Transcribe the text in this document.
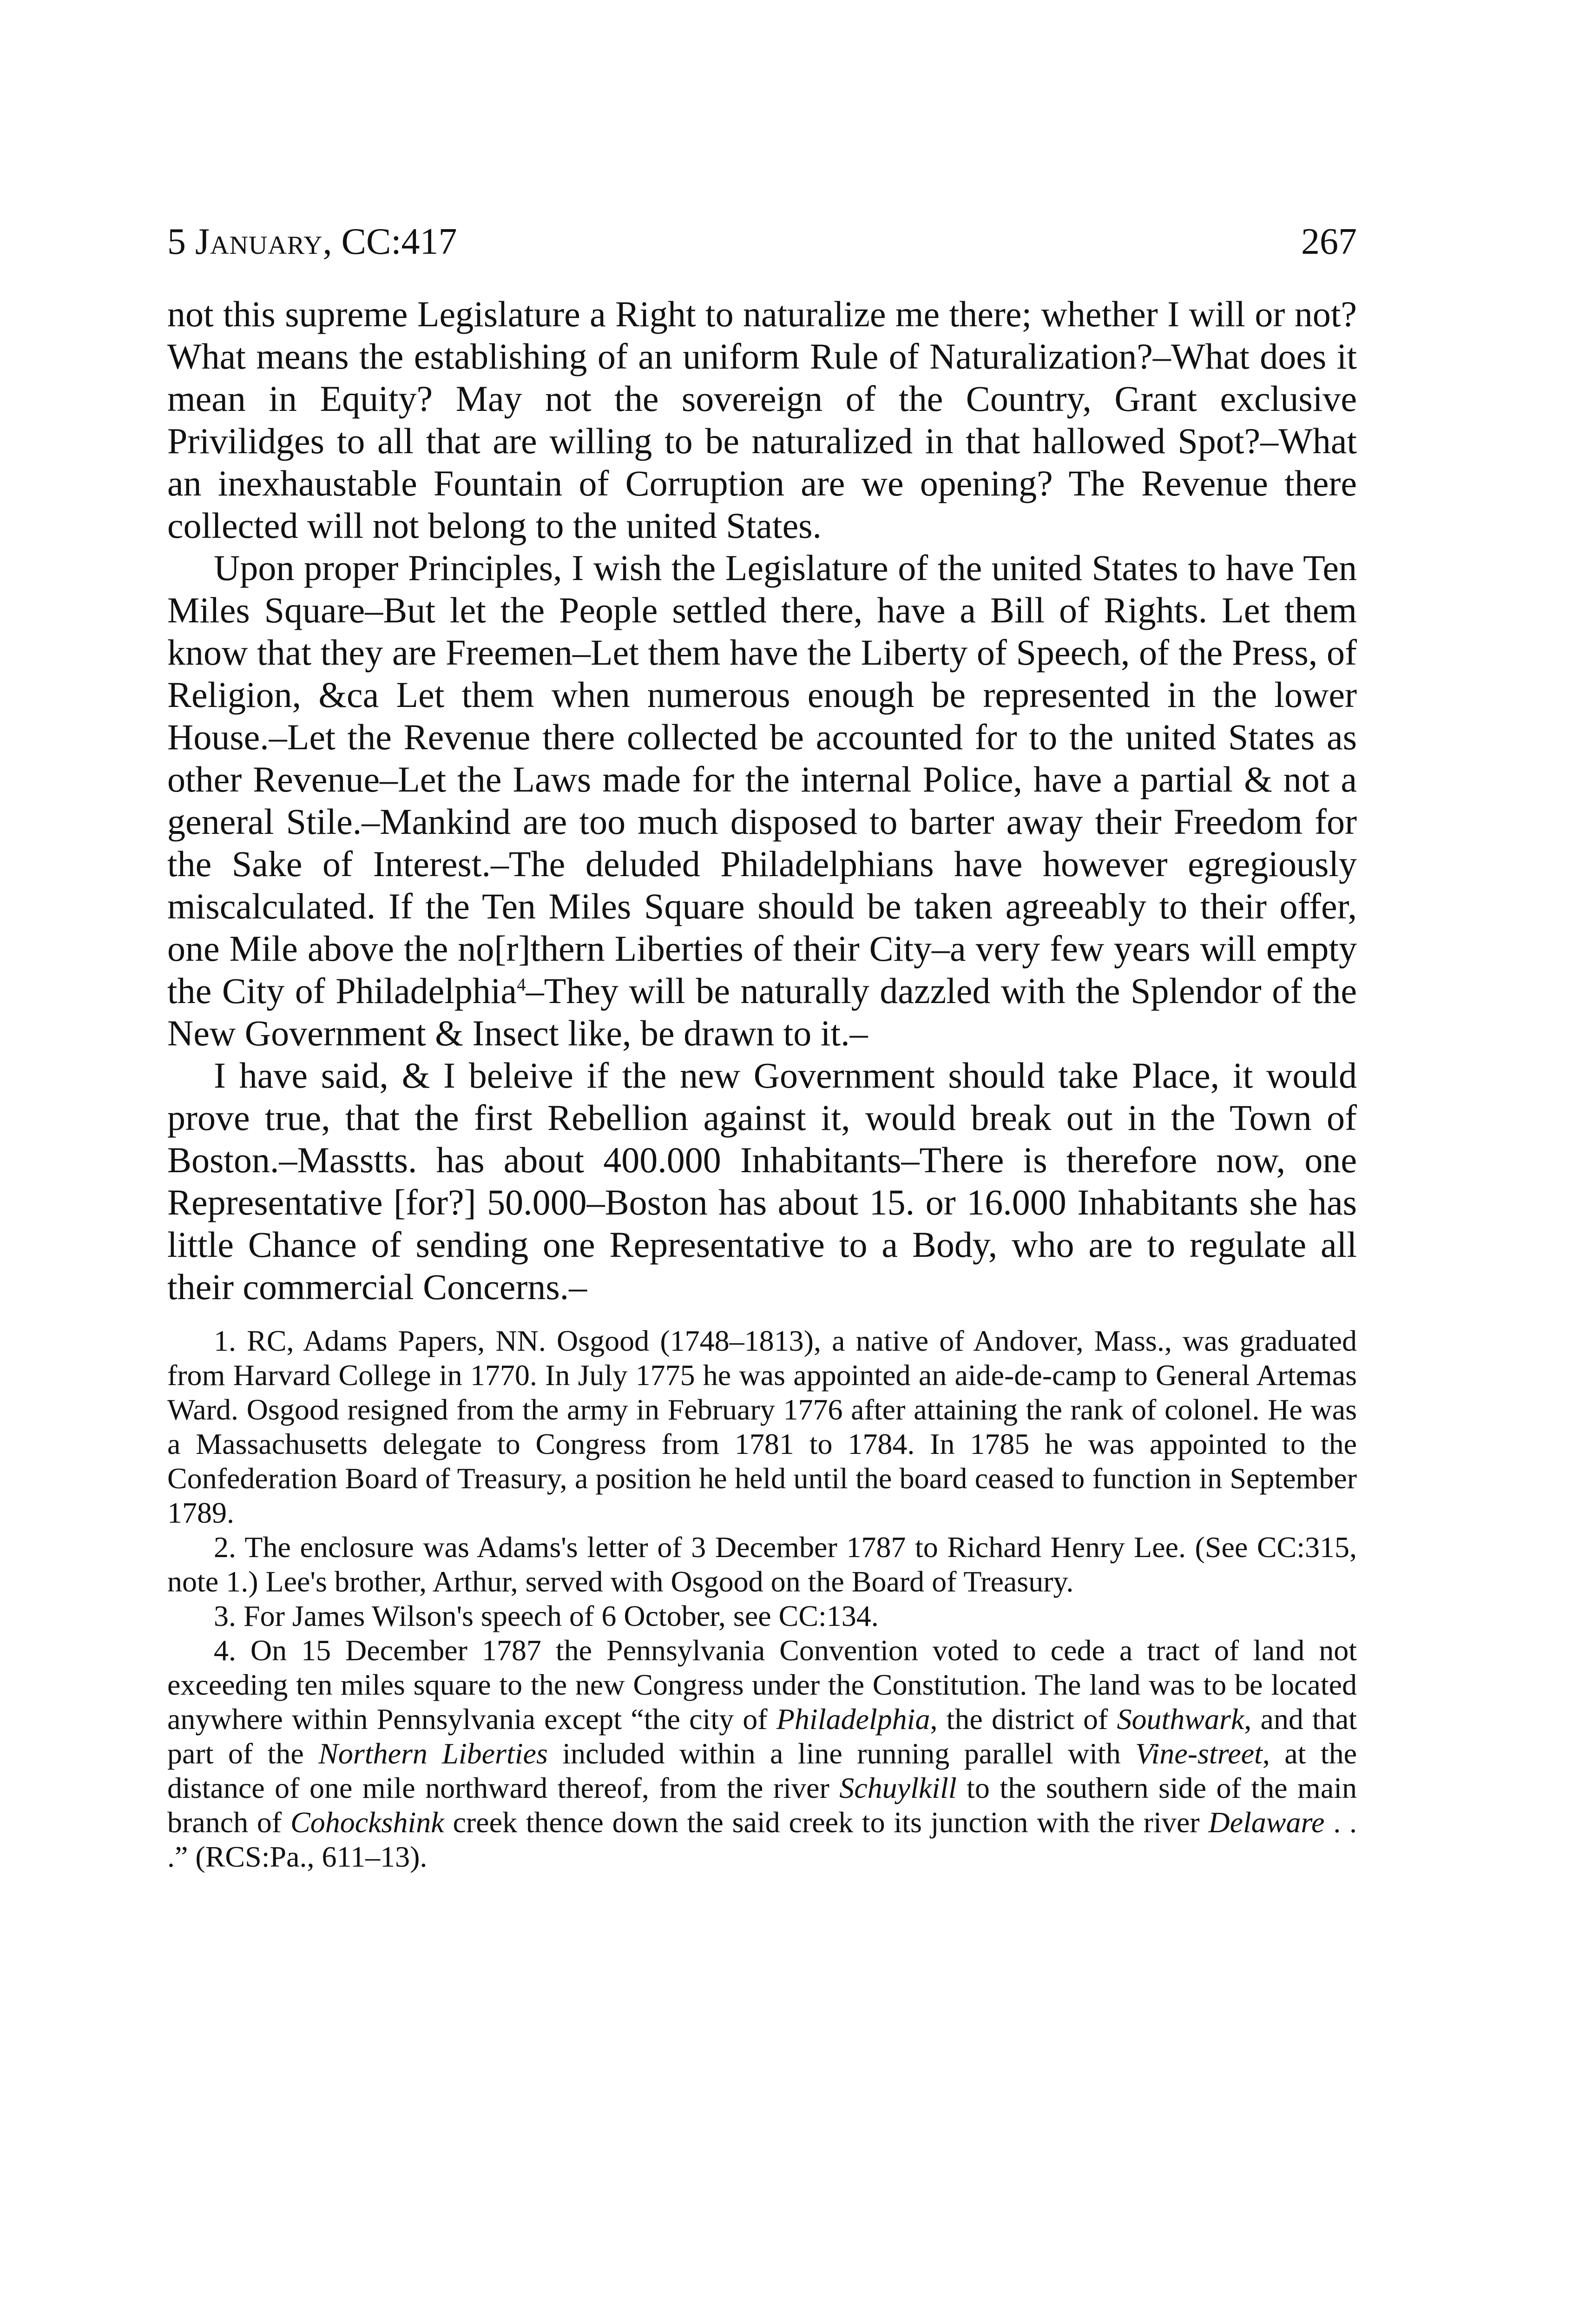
5 January, CC:417	267

not this supreme Legislature a Right to naturalize me there; whether I will or not? What means the establishing of an uniform Rule of Naturalization?–What does it mean in Equity? May not the sovereign of the Country, Grant exclusive Privilidges to all that are willing to be naturalized in that hallowed Spot?–What an inexhaustable Fountain of Corruption are we opening? The Revenue there collected will not belong to the united States.

Upon proper Principles, I wish the Legislature of the united States to have Ten Miles Square–But let the People settled there, have a Bill of Rights. Let them know that they are Freemen–Let them have the Liberty of Speech, of the Press, of Religion, &ca Let them when numerous enough be represented in the lower House.–Let the Revenue there collected be accounted for to the united States as other Revenue–Let the Laws made for the internal Police, have a partial & not a general Stile.–Mankind are too much disposed to barter away their Freedom for the Sake of Interest.–The deluded Philadelphians have however egregiously miscalculated. If the Ten Miles Square should be taken agreeably to their offer, one Mile above the no[r]thern Liberties of their City–a very few years will empty the City of Philadelphia$^4$–They will be naturally dazzled with the Splendor of the New Government & Insect like, be drawn to it.–

I have said, & I beleive if the new Government should take Place, it would prove true, that the first Rebellion against it, would break out in the Town of Boston.–Masstts. has about 400.000 Inhabitants–There is therefore now, one Representative [for?] 50.000–Boston has about 15. or 16.000 Inhabitants she has little Chance of sending one Representative to a Body, who are to regulate all their commercial Concerns.–

1. RC, Adams Papers, NN. Osgood (1748–1813), a native of Andover, Mass., was graduated from Harvard College in 1770. In July 1775 he was appointed an aide-de-camp to General Artemas Ward. Osgood resigned from the army in February 1776 after attaining the rank of colonel. He was a Massachusetts delegate to Congress from 1781 to 1784. In 1785 he was appointed to the Confederation Board of Treasury, a position he held until the board ceased to function in September 1789.

2. The enclosure was Adams's letter of 3 December 1787 to Richard Henry Lee. (See CC:315, note 1.) Lee's brother, Arthur, served with Osgood on the Board of Treasury.

3. For James Wilson's speech of 6 October, see CC:134.

4. On 15 December 1787 the Pennsylvania Convention voted to cede a tract of land not exceeding ten miles square to the new Congress under the Constitution. The land was to be located anywhere within Pennsylvania except “the city of Philadelphia, the district of Southwark, and that part of the Northern Liberties included within a line running parallel with Vine-street, at the distance of one mile northward thereof, from the river Schuylkill to the southern side of the main branch of Cohockshink creek thence down the said creek to its junction with the river Delaware . . .” (RCS:Pa., 611–13).
